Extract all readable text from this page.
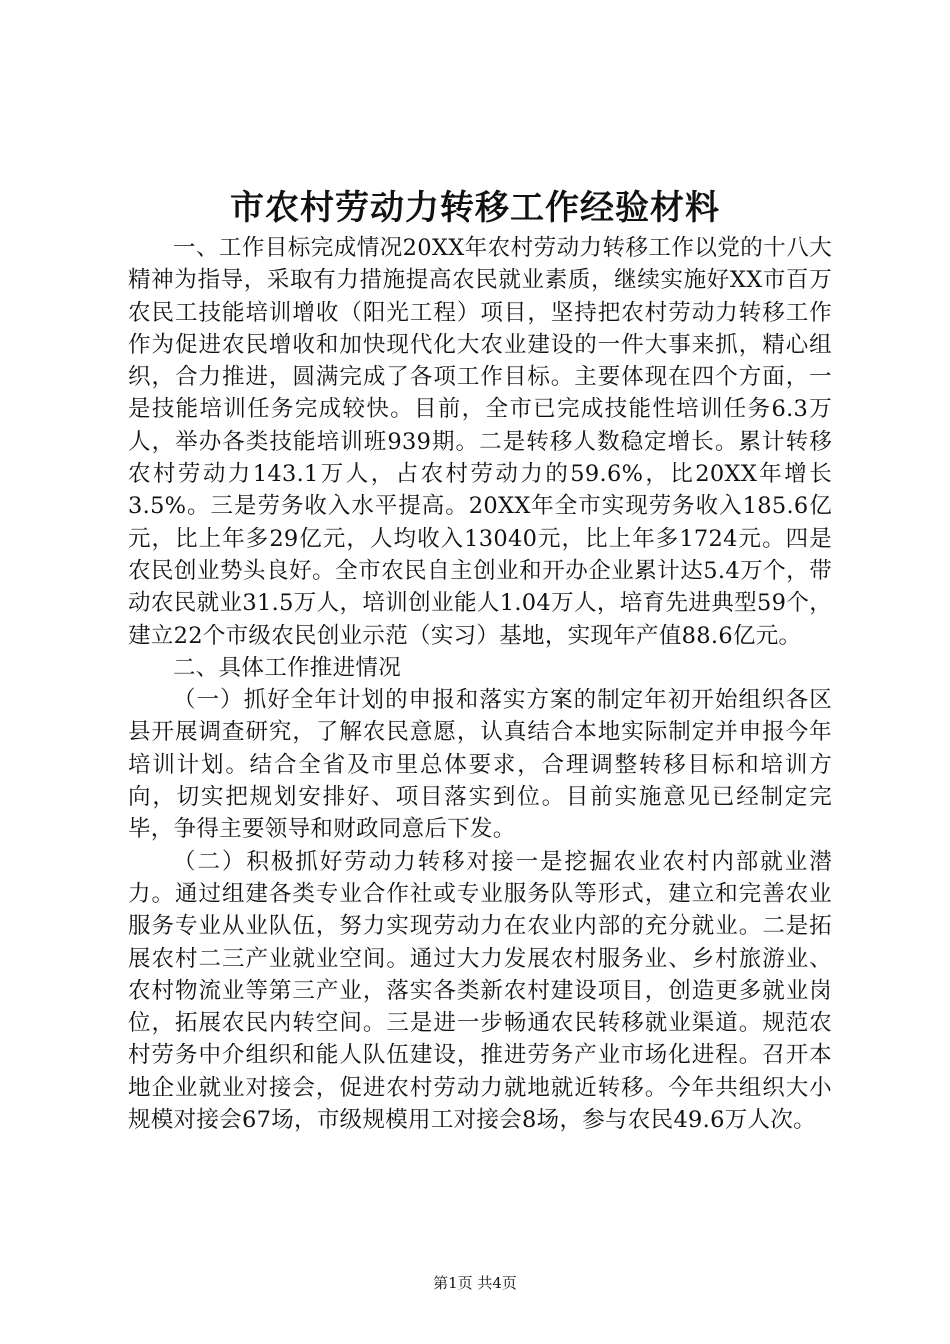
市农村劳动力转移工作经验材料

一、工作目标完成情况20XX年农村劳动力转移工作以党的十八大精神为指导，采取有力措施提高农民就业素质，继续实施好XX市百万农民工技能培训增收（阳光工程）项目，坚持把农村劳动力转移工作作为促进农民增收和加快现代化大农业建设的一件大事来抓，精心组织，合力推进，圆满完成了各项工作目标。主要体现在四个方面，一是技能培训任务完成较快。目前，全市已完成技能性培训任务6.3万人，举办各类技能培训班939期。二是转移人数稳定增长。累计转移农村劳动力143.1万人，占农村劳动力的59.6%，比20XX年增长3.5%。三是劳务收入水平提高。20XX年全市实现劳务收入185.6亿元，比上年多29亿元，人均收入13040元，比上年多1724元。四是农民创业势头良好。全市农民自主创业和开办企业累计达5.4万个，带动农民就业31.5万人，培训创业能人1.04万人，培育先进典型59个，建立22个市级农民创业示范（实习）基地，实现年产值88.6亿元。

二、具体工作推进情况

（一）抓好全年计划的申报和落实方案的制定年初开始组织各区县开展调查研究，了解农民意愿，认真结合本地实际制定并申报今年培训计划。结合全省及市里总体要求，合理调整转移目标和培训方向，切实把规划安排好、项目落实到位。目前实施意见已经制定完毕，争得主要领导和财政同意后下发。

（二）积极抓好劳动力转移对接一是挖掘农业农村内部就业潜力。通过组建各类专业合作社或专业服务队等形式，建立和完善农业服务专业从业队伍，努力实现劳动力在农业内部的充分就业。二是拓展农村二三产业就业空间。通过大力发展农村服务业、乡村旅游业、农村物流业等第三产业，落实各类新农村建设项目，创造更多就业岗位，拓展农民内转空间。三是进一步畅通农民转移就业渠道。规范农村劳务中介组织和能人队伍建设，推进劳务产业市场化进程。召开本地企业就业对接会，促进农村劳动力就地就近转移。今年共组织大小规模对接会67场，市级规模用工对接会8场，参与农民49.6万人次。

第1页 共4页
